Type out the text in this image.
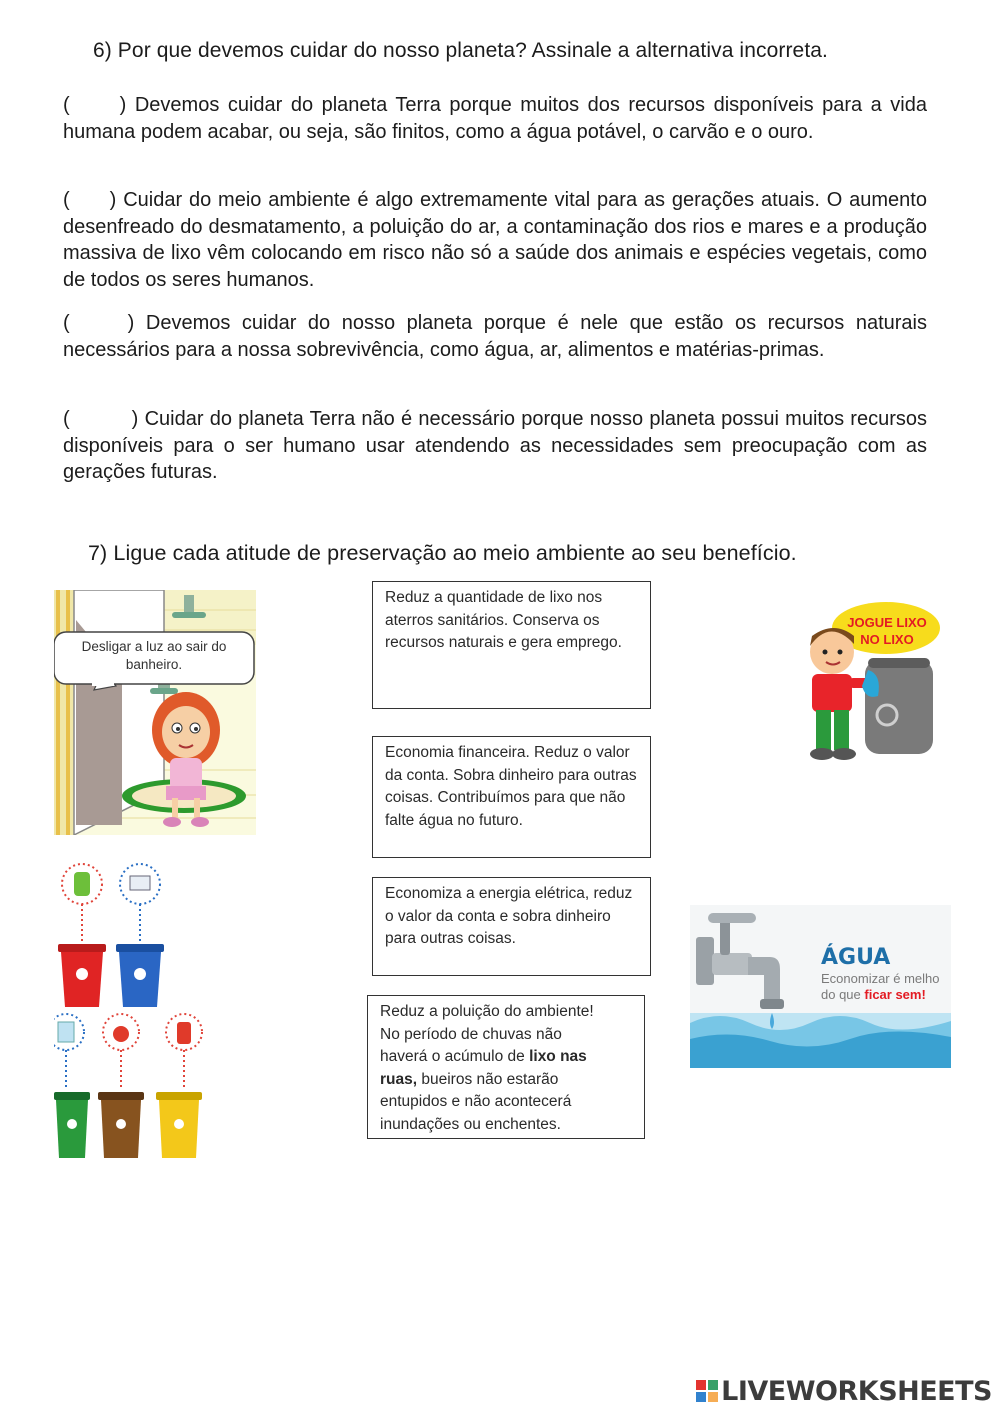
6) Por que devemos cuidar do nosso planeta? Assinale a alternativa incorreta.
(	) Devemos cuidar do planeta Terra porque muitos dos recursos disponíveis para a vida humana podem acabar, ou seja, são finitos, como a água potável, o carvão e o ouro.
( ) Cuidar do meio ambiente é algo extremamente vital para as gerações atuais. O aumento desenfreado do desmatamento, a poluição do ar, a contaminação dos rios e mares e a produção massiva de lixo vêm colocando em risco não só a saúde dos animais e espécies vegetais, como de todos os seres humanos.
(	) Devemos cuidar do nosso planeta porque é nele que estão os recursos naturais necessários para a nossa sobrevivência, como água, ar, alimentos e matérias-primas.
(	) Cuidar do planeta Terra não é necessário porque nosso planeta possui muitos recursos disponíveis para o ser humano usar atendendo as necessidades sem preocupação com as gerações futuras.
7) Ligue cada atitude de preservação ao meio ambiente ao seu benefício.
Desligar a luz ao sair do banheiro.
Reduz a quantidade de lixo nos aterros sanitários. Conserva os recursos naturais e gera emprego.
Economia financeira. Reduz o valor da conta. Sobra dinheiro para outras coisas. Contribuímos para que não falte água no futuro.
Economiza a energia elétrica, reduz o valor da conta e sobra dinheiro para outras coisas.
Reduz a poluição do ambiente!
No período de chuvas não
haverá o acúmulo de lixo nas
ruas, bueiros não estarão
entupidos e não acontecerá
inundações ou enchentes.
JOGUE LIXO
NO LIXO
ÁGUA
Economizar é melho
do que ficar sem!
LIVEWORKSHEETS
